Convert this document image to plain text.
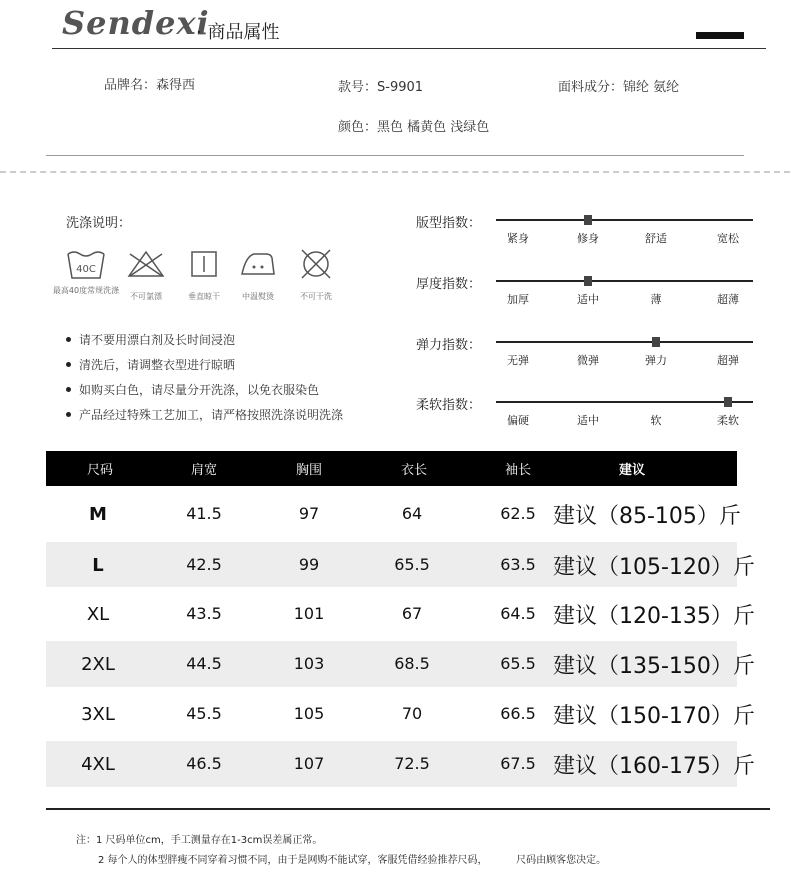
Sendexi
· 商品属性
品牌名：森得西	款号：S-9901	面料成分：锦纶 氨纶
颜色：黑色 橘黄色 浅绿色
洗涤说明：
40C
最高40度常规洗涤
不可氯漂	垂直晾干	中温熨烫	不可干洗
请不要用漂白剂及长时间浸泡
清洗后，请调整衣型进行晾晒
如购买白色，请尽量分开洗涤，以免衣服染色
产品经过特殊工艺加工，请严格按照洗涤说明洗涤
版型指数：
紧身	修身	舒适	宽松
厚度指数：
加厚	适中	薄	超薄
弹力指数：
无弹	微弹	弹力	超弹
柔软指数：
偏硬	适中	软	柔软
尺码	肩宽	胸围	衣长	袖长	建议
M	41.5	97	64	62.5 建议（85-105）斤
L	42.5	99	65.5	63.5 建议（105-120）斤
XL	43.5	101	67	64.5 建议（120-135）斤
2XL	44.5	103	68.5	65.5 建议（135-150）斤
3XL	45.5	105	70	66.5 建议（150-170）斤
4XL	46.5	107	72.5	67.5 建议（160-175）斤
注：1 尺码单位cm，手工测量存在1-3cm误差属正常。
2 每个人的体型胖瘦不同穿着习惯不同，由于是网购不能试穿，客服凭借经验推荐尺码，         尺码由顾客您决定。
